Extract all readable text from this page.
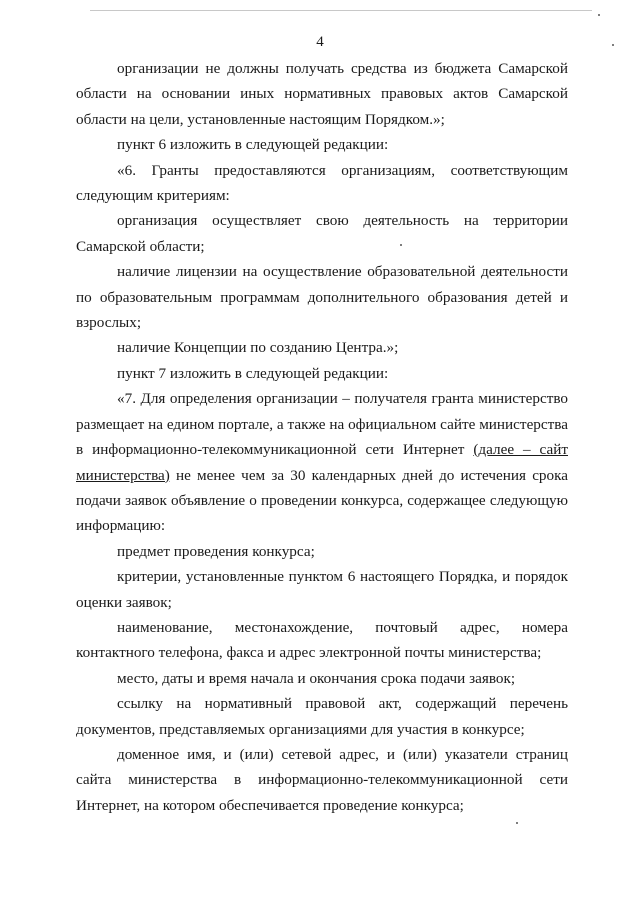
4

организации не должны получать средства из бюджета Самарской области на основании иных нормативных правовых актов Самарской области на цели, установленные настоящим Порядком.»;

пункт 6 изложить в следующей редакции:

«6. Гранты предоставляются организациям, соответствующим следующим критериям:

организация осуществляет свою деятельность на территории Самарской области;

наличие лицензии на осуществление образовательной деятельности по образовательным программам дополнительного образования детей и взрослых;

наличие Концепции по созданию Центра.»;

пункт 7 изложить в следующей редакции:

«7. Для определения организации – получателя гранта министерство размещает на едином портале, а также на официальном сайте министерства в информационно-телекоммуникационной сети Интернет (далее – сайт министерства) не менее чем за 30 календарных дней до истечения срока подачи заявок объявление о проведении конкурса, содержащее следующую информацию:

предмет проведения конкурса;

критерии, установленные пунктом 6 настоящего Порядка, и порядок оценки заявок;

наименование, местонахождение, почтовый адрес, номера контактного телефона, факса и адрес электронной почты министерства;

место, даты и время начала и окончания срока подачи заявок;

ссылку на нормативный правовой акт, содержащий перечень документов, представляемых организациями для участия в конкурсе;

доменное имя, и (или) сетевой адрес, и (или) указатели страниц сайта министерства в информационно-телекоммуникационной сети Интернет, на котором обеспечивается проведение конкурса;
